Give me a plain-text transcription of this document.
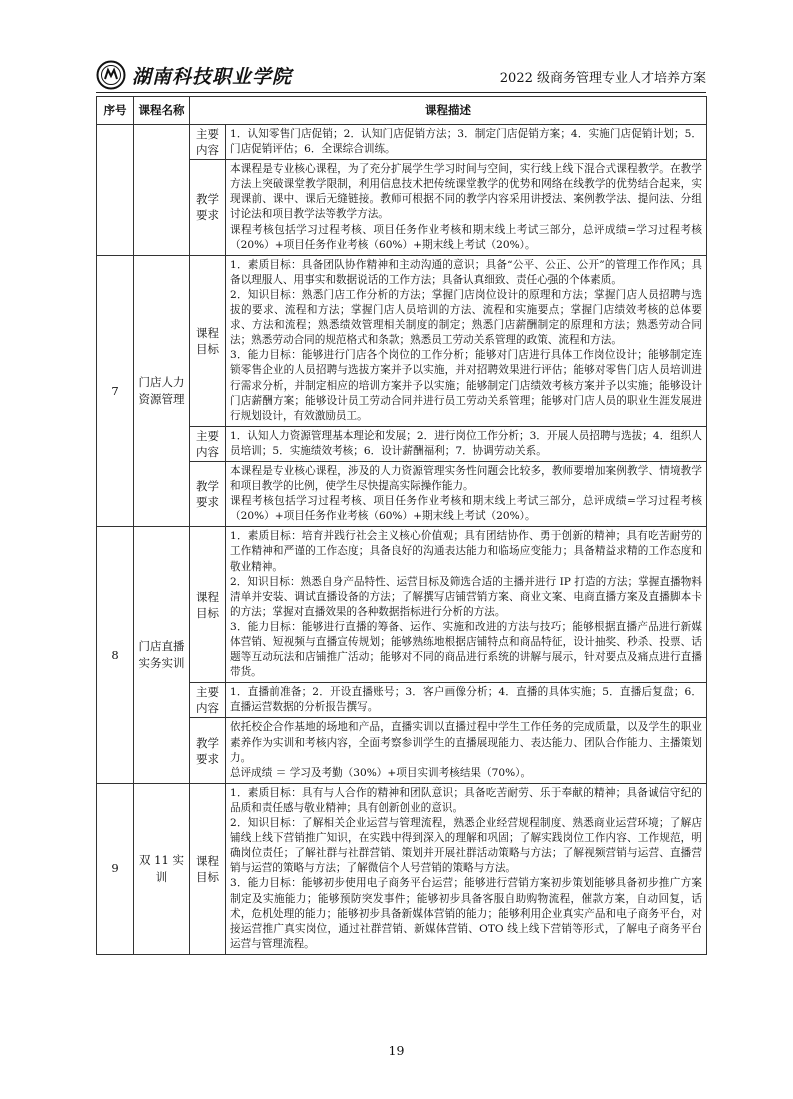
湖南科技职业学院	2022 级商务管理专业人才培养方案
序号	课程名称	课程描述	
		主要内容	1．认知零售门店促销；2．认知门店促销方法；3．制定门店促销方案；4．实施门店促销计划；5．门店促销评估；6．全课综合训练。

		教学要求	本课程是专业核心课程，为了充分扩展学生学习时间与空间，实行线上线下混合式课程教学。在教学方法上突破课堂教学限制，利用信息技术把传统课堂教学的优势和网络在线教学的优势结合起来，实现课前、课中、课后无缝链接。教师可根据不同的教学内容采用讲授法、案例教学法、提问法、分组讨论法和项目教学法等教学方法。

课程考核包括学习过程考核、项目任务作业考核和期末线上考试三部分，总评成绩=学习过程考核（20%）+项目任务作业考核（60%）+期末线上考试（20%）。

7	门店人力资源管理	课程目标	1．素质目标：具备团队协作精神和主动沟通的意识；具备“公平、公正、公开”的管理工作作风；具备以理服人、用事实和数据说话的工作方法；具备认真细致、责任心强的个体素质。

2．知识目标：熟悉门店工作分析的方法；掌握门店岗位设计的原理和方法；掌握门店人员招聘与选拔的要求、流程和方法；掌握门店人员培训的方法、流程和实施要点；掌握门店绩效考核的总体要求、方法和流程；熟悉绩效管理相关制度的制定；熟悉门店薪酬制定的原理和方法；熟悉劳动合同法；熟悉劳动合同的规范格式和条款；熟悉员工劳动关系管理的政策、流程和方法。

3．能力目标：能够进行门店各个岗位的工作分析；能够对门店进行具体工作岗位设计；能够制定连锁零售企业的人员招聘与选拔方案并予以实施，并对招聘效果进行评估；能够对零售门店人员培训进行需求分析，并制定相应的培训方案并予以实施；能够制定门店绩效考核方案并予以实施；能够设计门店薪酬方案；能够设计员工劳动合同并进行员工劳动关系管理；能够对门店人员的职业生涯发展进行规划设计，有效激励员工。

		主要内容	1．认知人力资源管理基本理论和发展；2．进行岗位工作分析；3．开展人员招聘与选拔；4．组织人员培训；5．实施绩效考核；6．设计薪酬福利；7．协调劳动关系。

		教学要求	本课程是专业核心课程，涉及的人力资源管理实务性问题会比较多，教师要增加案例教学、情境教学和项目教学的比例，使学生尽快提高实际操作能力。

课程考核包括学习过程考核、项目任务作业考核和期末线上考试三部分，总评成绩=学习过程考核（20%）+项目任务作业考核（60%）+期末线上考试（20%）。

8	门店直播实务实训	课程目标	1．素质目标：培育并践行社会主义核心价值观；具有团结协作、勇于创新的精神；具有吃苦耐劳的工作精神和严谨的工作态度；具备良好的沟通表达能力和临场应变能力；具备精益求精的工作态度和敬业精神。

2．知识目标：熟悉自身产品特性、运营目标及筛选合适的主播并进行 IP 打造的方法；掌握直播物料清单并安装、调试直播设备的方法；了解撰写店铺营销方案、商业文案、电商直播方案及直播脚本卡的方法；掌握对直播效果的各种数据指标进行分析的方法。

3．能力目标：能够进行直播的筹备、运作、实施和改进的方法与技巧；能够根据直播产品进行新媒体营销、短视频与直播宣传规划；能够熟练地根据店铺特点和商品特征，设计抽奖、秒杀、投票、话题等互动玩法和店铺推广活动；能够对不同的商品进行系统的讲解与展示，针对要点及痛点进行直播带货。

		主要内容	1．直播前准备；2．开设直播账号；3．客户画像分析；4．直播的具体实施；5．直播后复盘；6．直播运营数据的分析报告撰写。

		教学要求	依托校企合作基地的场地和产品，直播实训以直播过程中学生工作任务的完成质量，以及学生的职业素养作为实训和考核内容，全面考察参训学生的直播展现能力、表达能力、团队合作能力、主播策划力。

总评成绩 ＝ 学习及考勤（30%）+项目实训考核结果（70%）。

9	双 11 实训	课程目标	1．素质目标：具有与人合作的精神和团队意识；具备吃苦耐劳、乐于奉献的精神；具备诚信守纪的品质和责任感与敬业精神；具有创新创业的意识。

2．知识目标：了解相关企业运营与管理流程，熟悉企业经营规程制度、熟悉商业运营环境；了解店铺线上线下营销推广知识，在实践中得到深入的理解和巩固；了解实践岗位工作内容、工作规范，明确岗位责任；了解社群与社群营销、策划并开展社群活动策略与方法；了解视频营销与运营、直播营销与运营的策略与方法；了解微信个人号营销的策略与方法。

3．能力目标：能够初步使用电子商务平台运营；能够进行营销方案初步策划能够具备初步推广方案制定及实施能力；能够预防突发事件；能够初步具备客服自助购物流程，催款方案，自动回复，话术，危机处理的能力；能够初步具备新媒体营销的能力；能够利用企业真实产品和电子商务平台，对接运营推广真实岗位，通过社群营销、新媒体营销、OTO 线上线下营销等形式，了解电子商务平台运营与管理流程。

19
